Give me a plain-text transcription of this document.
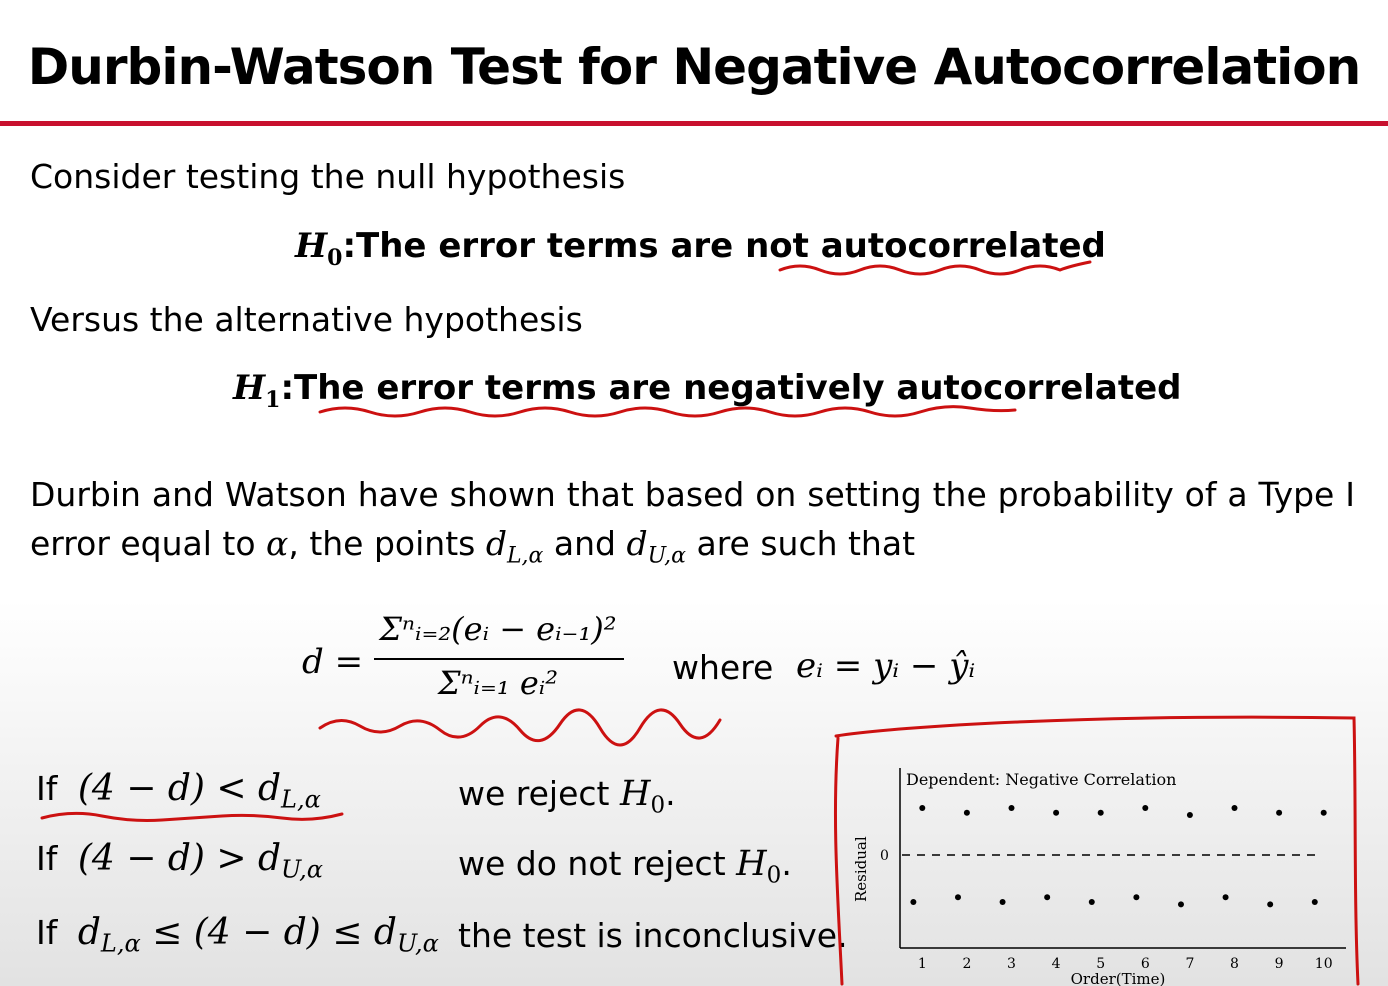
Durbin-Watson Test for Negative Autocorrelation
Consider testing the null hypothesis
$H_0:The$ error terms are not autocorrelated
Versus the alternative hypothesis
$H_1:The$ error terms are negatively autocorrelated
Durbin and Watson have shown that based on setting the probability of a Type I
error equal to α, the points $d_{L,\alpha}$ and $d_{U,\alpha}$ are such that
d =
Σⁿᵢ₌₂(eᵢ − eᵢ₋₁)²
Σⁿᵢ₌₁ eᵢ²	where eᵢ = yᵢ − ŷᵢ
If $(4 - d) < d_{L,\alpha}$	we reject $H_0$.
If $(4 - d) > d_{U,\alpha}$	we do not reject $H_0$.
If $d_{L,\alpha} \le (4 - d) \le d_{U,\alpha}$ the test is inconclusive.
Dependent: Negative Correlation
Residual 0
1	2	3	4	5	6	7	8	9 10
Order(Time)
